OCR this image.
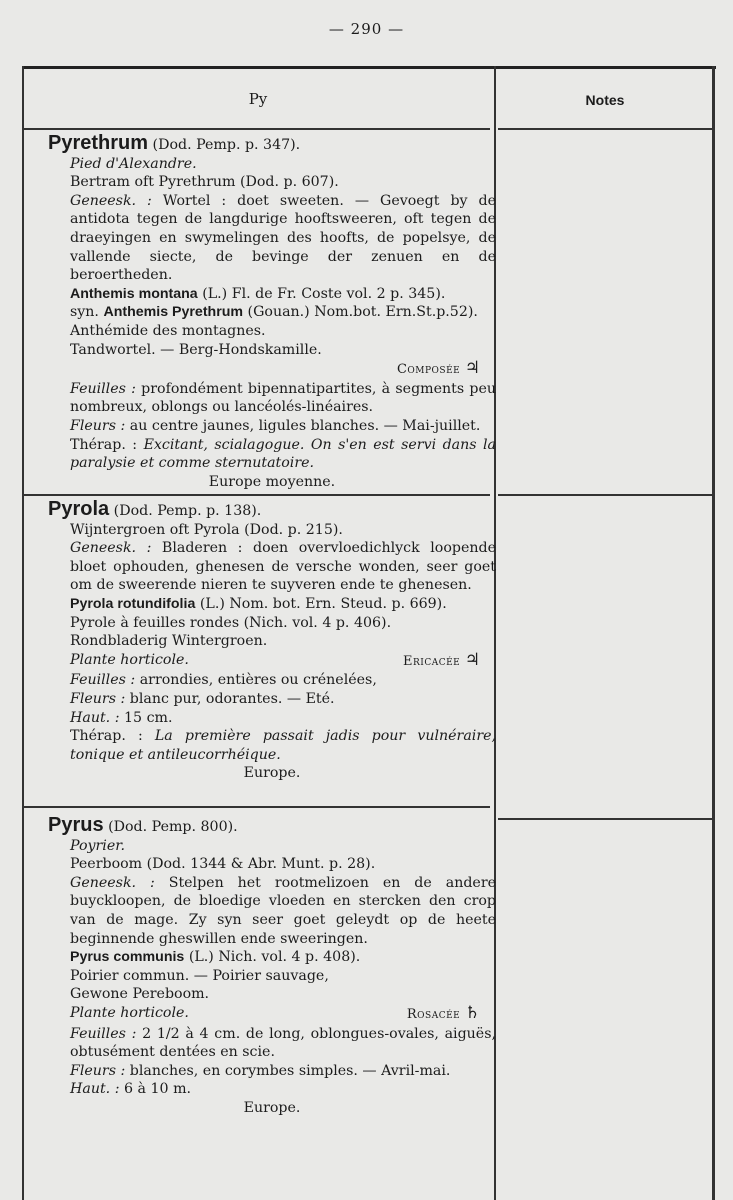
— 290 —
Py	Notes

Pyrethrum (Dod. Pemp. p. 347).

Pied d'Alexandre.

Bertram oft Pyrethrum (Dod. p. 607).

Geneesk. : Wortel : doet sweeten. — Gevoegt by de antidota tegen de langdurige hooftsweeren, oft tegen de draeyingen en swymelingen des hoofts, de popelsye, de vallende siecte, de bevinge der zenuen en de beroertheden.

Anthemis montana (L.) Fl. de Fr. Coste vol. 2 p. 345).

syn. Anthemis Pyrethrum (Gouan.) Nom.bot. Ern.St.p.52).

Anthémide des montagnes.

Tandwortel. — Berg-Hondskamille.

Composée ♃

Feuilles : profondément bipennatipartites, à segments peu nombreux, oblongs ou lancéolés-linéaires.

Fleurs : au centre jaunes, ligules blanches. — Mai-juillet.

Thérap. : Excitant, scialagogue. On s'en est servi dans la paralysie et comme sternutatoire.

Europe moyenne.

Pyrola (Dod. Pemp. p. 138).

Wijntergroen oft Pyrola (Dod. p. 215).

Geneesk. : Bladeren : doen overvloedichlyck loopende bloet ophouden, ghenesen de versche wonden, seer goet om de sweerende nieren te suyveren ende te ghenesen.

Pyrola rotundifolia (L.) Nom. bot. Ern. Steud. p. 669).

Pyrole à feuilles rondes (Nich. vol. 4 p. 406).

Rondbladerig Wintergroen.

Plante horticole.	Ericacée ♃

Feuilles : arrondies, entières ou crénelées,

Fleurs : blanc pur, odorantes. — Eté.

Haut. : 15 cm.

Thérap. : La première passait jadis pour vulnéraire, tonique et antileucorrhéique.

Europe.

Pyrus (Dod. Pemp. 800).

Poyrier.

Peerboom (Dod. 1344 & Abr. Munt. p. 28).

Geneesk. : Stelpen het rootmelizoen en de andere buyckloopen, de bloedige vloeden en stercken den crop van de mage. Zy syn seer goet geleydt op de heete beginnende gheswillen ende sweeringen.

Pyrus communis (L.) Nich. vol. 4 p. 408).

Poirier commun. — Poirier sauvage,

Gewone Pereboom.

Plante horticole.	Rosacée ♄

Feuilles : 2 1/2 à 4 cm. de long, oblongues-ovales, aiguës, obtusément dentées en scie.

Fleurs : blanches, en corymbes simples. — Avril-mai.

Haut. : 6 à 10 m.

Europe.
